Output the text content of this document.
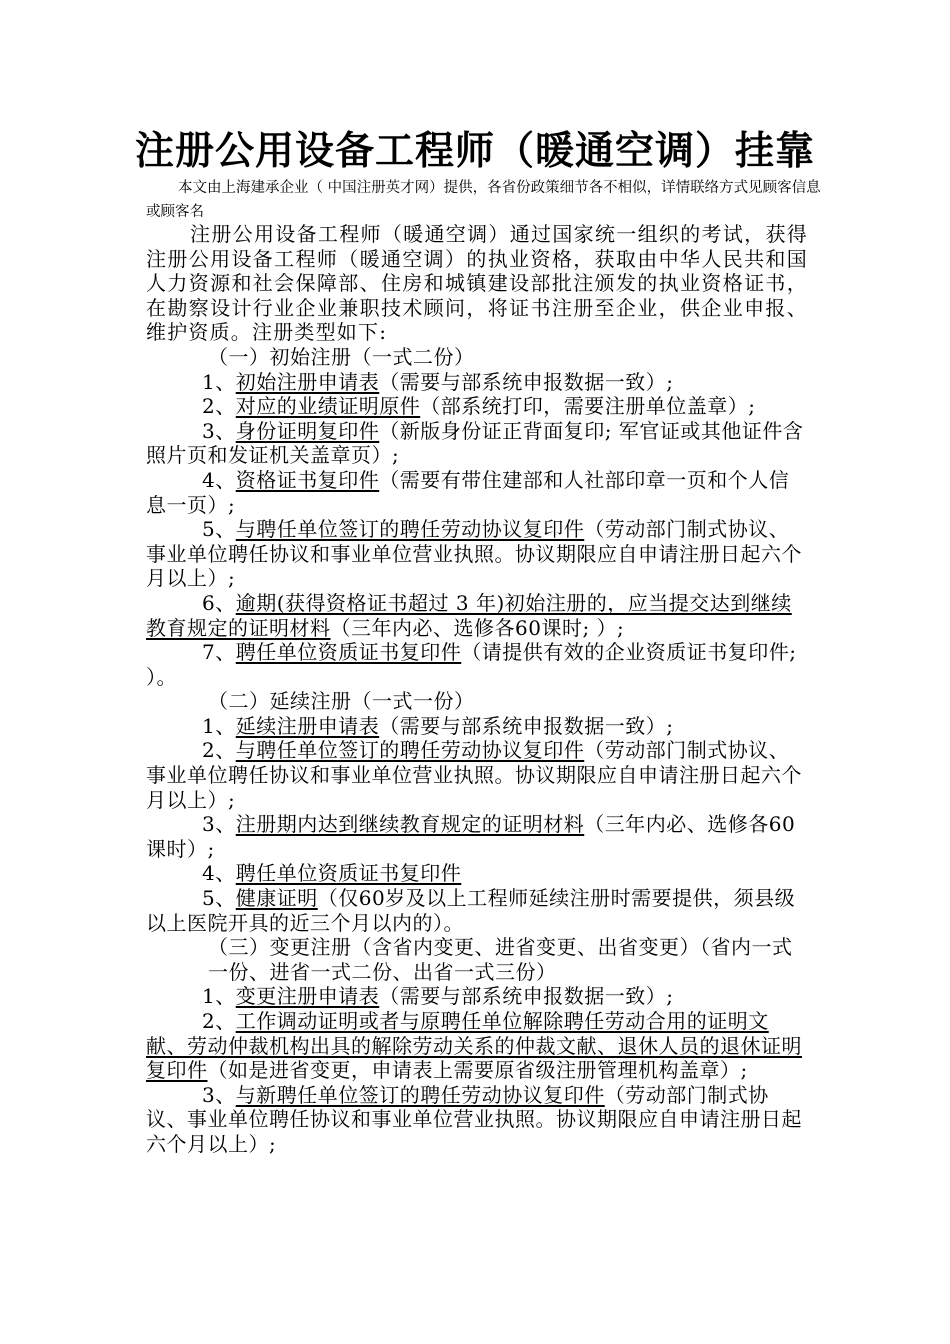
注册公用设备工程师（暖通空调）挂靠

本文由上海建承企业（ 中国注册英才网）提供，各省份政策细节各不相似，详情联络方式见顾客信息或顾客名

注册公用设备工程师（暖通空调）通过国家统一组织的考试，获得注册公用设备工程师（暖通空调）的执业资格，获取由中华人民共和国人力资源和社会保障部、住房和城镇建设部批注颁发的执业资格证书，在勘察设计行业企业兼职技术顾问，将证书注册至企业，供企业申报、维护资质。注册类型如下:

（一）初始注册（一式二份）

1、初始注册申请表（需要与部系统申报数据一致）;

2、对应的业绩证明原件（部系统打印，需要注册单位盖章）;

3、身份证明复印件（新版身份证正背面复印; 军官证或其他证件含照片页和发证机关盖章页）;

4、资格证书复印件（需要有带住建部和人社部印章一页和个人信息一页）;

5、与聘任单位签订的聘任劳动协议复印件（劳动部门制式协议、事业单位聘任协议和事业单位营业执照。协议期限应自申请注册日起六个月以上）;

6、逾期(获得资格证书超过 3 年)初始注册的，应当提交达到继续教育规定的证明材料（三年内必、选修各60课时; ）;

7、聘任单位资质证书复印件（请提供有效的企业资质证书复印件; ）。

（二）延续注册（一式一份）

1、延续注册申请表（需要与部系统申报数据一致）;

2、与聘任单位签订的聘任劳动协议复印件（劳动部门制式协议、事业单位聘任协议和事业单位营业执照。协议期限应自申请注册日起六个月以上）;

3、注册期内达到继续教育规定的证明材料（三年内必、选修各60课时）;

4、聘任单位资质证书复印件

5、健康证明（仅60岁及以上工程师延续注册时需要提供，须县级以上医院开具的近三个月以内的）。

（三）变更注册（含省内变更、进省变更、出省变更）（省内一式一份、进省一式二份、出省一式三份）

1、变更注册申请表（需要与部系统申报数据一致）;

2、工作调动证明或者与原聘任单位解除聘任劳动合用的证明文献、劳动仲裁机构出具的解除劳动关系的仲裁文献、退休人员的退休证明复印件（如是进省变更，申请表上需要原省级注册管理机构盖章）;

3、与新聘任单位签订的聘任劳动协议复印件（劳动部门制式协议、事业单位聘任协议和事业单位营业执照。协议期限应自申请注册日起六个月以上）;
